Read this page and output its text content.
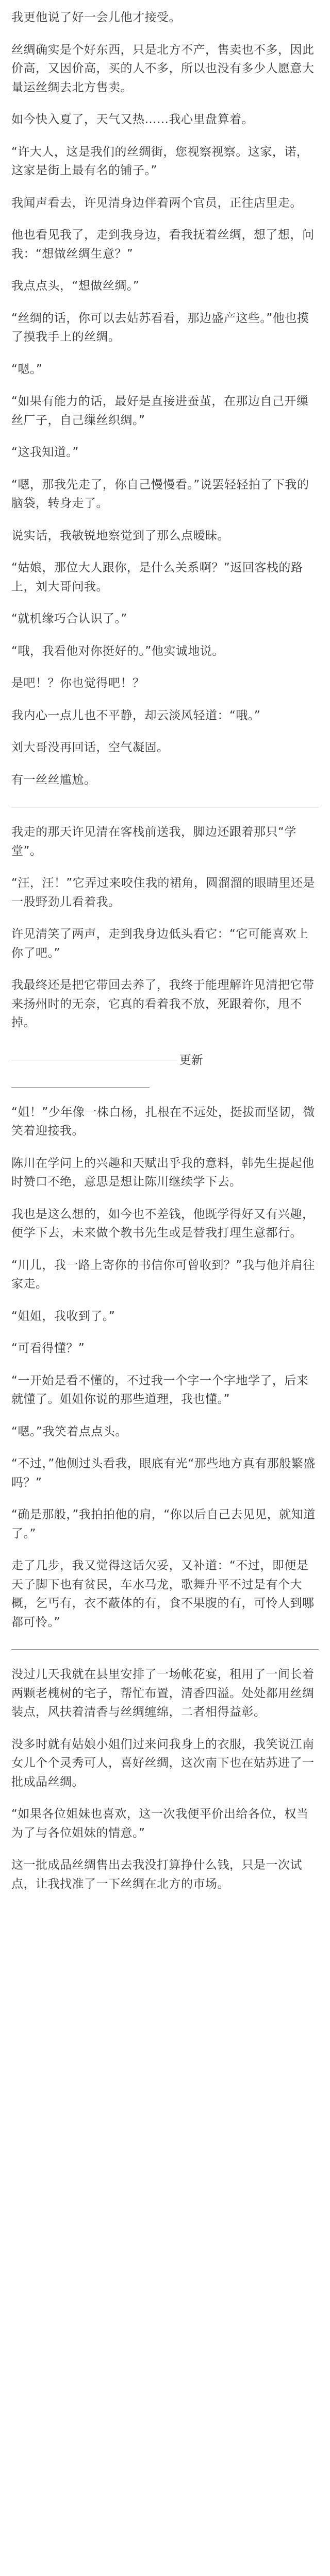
我更他说了好一会儿他才接受。

丝绸确实是个好东西，只是北方不产，售卖也不多，因此价高，又因价高，买的人不多，所以也没有多少人愿意大量运丝绸去北方售卖。

如今快入夏了，天气又热……我心里盘算着。

“许大人，这是我们的丝绸街，您视察视察。这家，诺，这家是街上最有名的铺子。”

我闻声看去，许见清身边伴着两个官员，正往店里走。

他也看见我了，走到我身边，看我抚着丝绸，想了想，问我：“想做丝绸生意？”

我点点头，“想做丝绸。”

“丝绸的话，你可以去姑苏看看，那边盛产这些。”他也摸了摸我手上的丝绸。

“嗯。”

“如果有能力的话，最好是直接进蚕茧，在那边自己开缫丝厂子，自己缫丝织绸。”

“这我知道。”

“嗯，那我先走了，你自己慢慢看。”说罢轻轻拍了下我的脑袋，转身走了。

说实话，我敏锐地察觉到了那么点暧昧。

“姑娘，那位大人跟你，是什么关系啊？”返回客栈的路上，刘大哥问我。

“就机缘巧合认识了。”

“哦，我看他对你挺好的。”他实诚地说。

是吧！？你也觉得吧！？

我内心一点儿也不平静，却云淡风轻道：“哦。”

刘大哥没再回话，空气凝固。

有一丝丝尴尬。

我走的那天许见清在客栈前送我，脚边还跟着那只“学堂”。

“汪，汪！”它弄过来咬住我的裙角，圆溜溜的眼睛里还是一股野劲儿看着我。

许见清笑了两声，走到我身边低头看它：“它可能喜欢上你了吧。”

我最终还是把它带回去养了，我终于能理解许见清把它带来扬州时的无奈，它真的看着我不放，死跟着你，甩不掉。

更新

“姐！”少年像一株白杨，扎根在不远处，挺拔而坚韧，微笑着迎接我。

陈川在学问上的兴趣和天赋出乎我的意料，韩先生提起他时赞口不绝，意思是想让陈川继续学下去。

我也是这么想的，如今也不差钱，他既学得好又有兴趣，便学下去，未来做个教书先生或是替我打理生意都行。

“川儿，我一路上寄你的书信你可曾收到？”我与他并肩往家走。

“姐姐，我收到了。”

“可看得懂？”

“一开始是看不懂的，不过我一个字一个字地学了，后来就懂了。姐姐你说的那些道理，我也懂。”

“嗯。”我笑着点点头。

“不过，”他侧过头看我，眼底有光“那些地方真有那般繁盛吗？”

“确是那般，”我拍拍他的肩，“你以后自己去见见，就知道了。”

走了几步，我又觉得这话欠妥，又补道：“不过，即便是天子脚下也有贫民，车水马龙，歌舞升平不过是有个大概，乞丐有，衣不蔽体的有，食不果腹的有，可怜人到哪都可怜。”

没过几天我就在县里安排了一场帐花宴，租用了一间长着两颗老槐树的宅子，帮忙布置，清香四溢。处处都用丝绸装点，风扶着清香与丝绸缠绵，二者相得益彰。

没多时就有姑娘小姐们过来问我身上的衣服，我笑说江南女儿个个灵秀可人，喜好丝绸，这次南下也在姑苏进了一批成品丝绸。

“如果各位姐妹也喜欢，这一次我便平价出给各位，权当为了与各位姐妹的情意。”

这一批成品丝绸售出去我没打算挣什么钱，只是一次试点，让我找准了一下丝绸在北方的市场。
